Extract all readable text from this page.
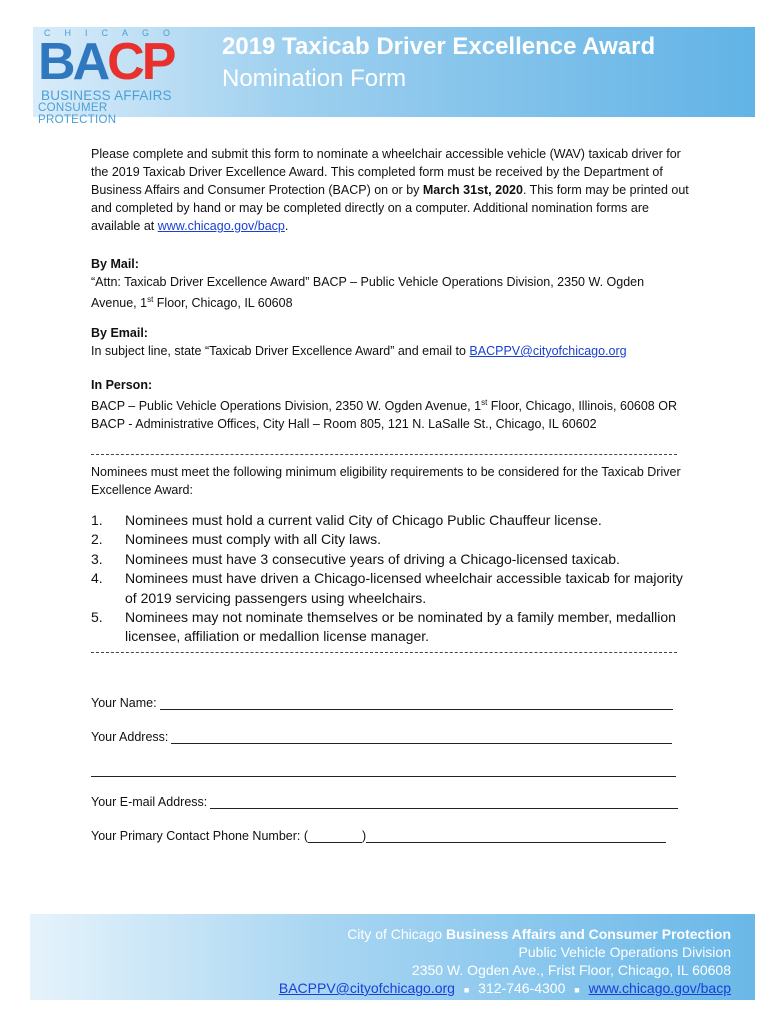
CHICAGO
BACP
BUSINESS AFFAIRS
CONSUMER PROTECTION
2019 Taxicab Driver Excellence Award
Nomination Form
Please complete and submit this form to nominate a wheelchair accessible vehicle (WAV) taxicab driver for the 2019 Taxicab Driver Excellence Award. This completed form must be received by the Department of Business Affairs and Consumer Protection (BACP) on or by March 31st, 2020. This form may be printed out and completed by hand or may be completed directly on a computer. Additional nomination forms are available at www.chicago.gov/bacp.
By Mail:
“Attn: Taxicab Driver Excellence Award” BACP – Public Vehicle Operations Division, 2350 W. Ogden
Avenue, 1st Floor, Chicago, IL 60608
By Email:
In subject line, state “Taxicab Driver Excellence Award” and email to BACPPV@cityofchicago.org
In Person:
BACP – Public Vehicle Operations Division, 2350 W. Ogden Avenue, 1st Floor, Chicago, Illinois, 60608 OR
BACP - Administrative Offices, City Hall – Room 805, 121 N. LaSalle St., Chicago, IL 60602
Nominees must meet the following minimum eligibility requirements to be considered for the Taxicab Driver Excellence Award:
1. Nominees must hold a current valid City of Chicago Public Chauffeur license.
2. Nominees must comply with all City laws.
3. Nominees must have 3 consecutive years of driving a Chicago-licensed taxicab.
4. Nominees must have driven a Chicago-licensed wheelchair accessible taxicab for majority of 2019 servicing passengers using wheelchairs.
5. Nominees may not nominate themselves or be nominated by a family member, medallion licensee, affiliation or medallion license manager.
Your Name:
Your Address:
Your E-mail Address:
Your Primary Contact Phone Number: (	)
City of Chicago Business Affairs and Consumer Protection
Public Vehicle Operations Division
2350 W. Ogden Ave., Frist Floor, Chicago, IL 60608
BACPPV@cityofchicago.org ■ 312-746-4300 ■ www.chicago.gov/bacp
